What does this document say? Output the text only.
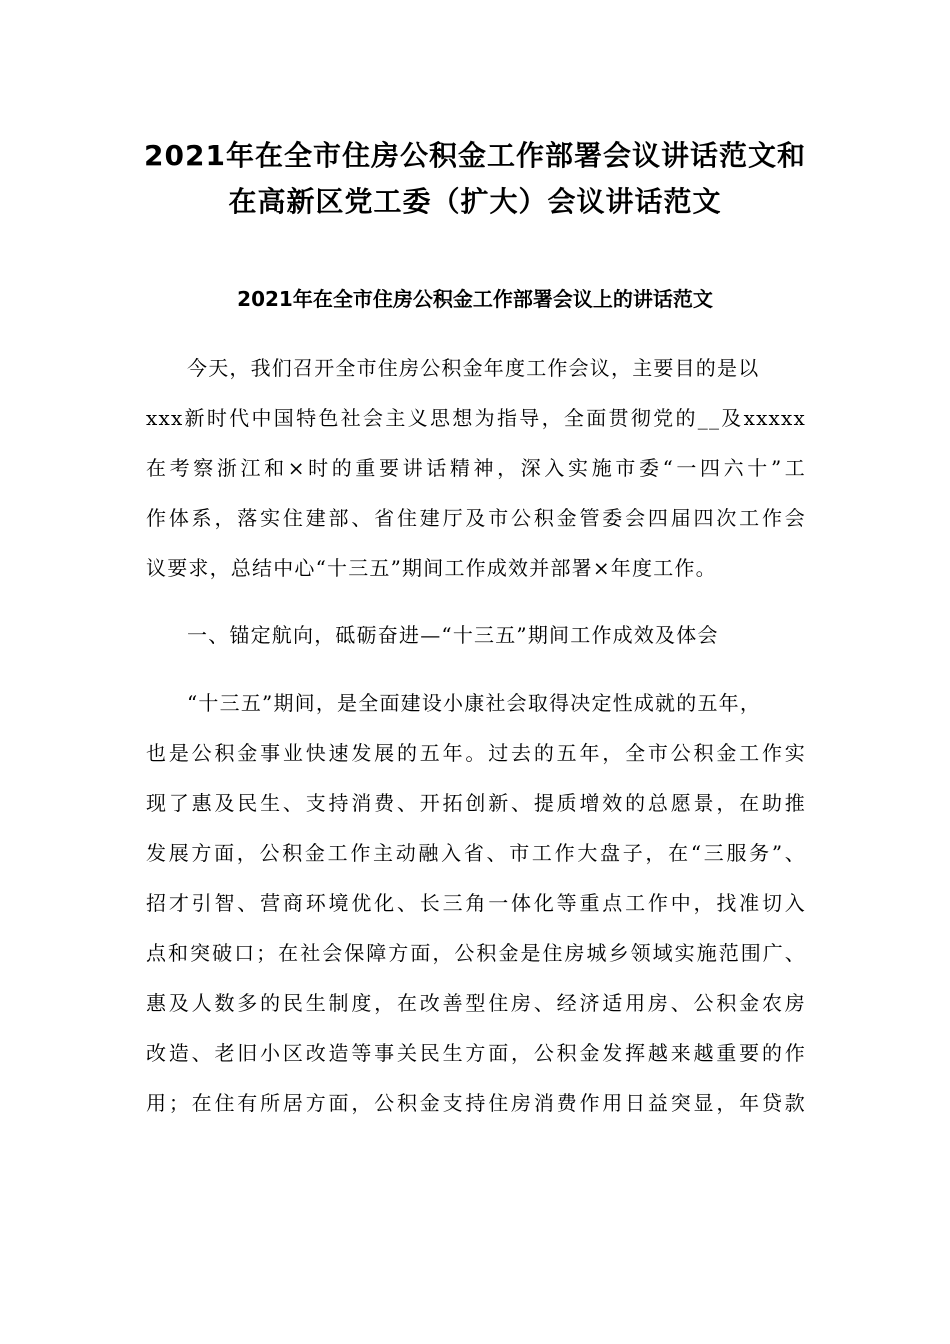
2021年在全市住房公积金工作部署会议讲话范文和
在高新区党工委（扩大）会议讲话范文
2021年在全市住房公积金工作部署会议上的讲话范文

今天，我们召开全市住房公积金年度工作会议，主要目的是以

xxx新时代中国特色社会主义思想为指导，全面贯彻党的__及xxxxx

在考察浙江和×时的重要讲话精神，深入实施市委“一四六十”工

作体系，落实住建部、省住建厅及市公积金管委会四届四次工作会

议要求，总结中心“十三五”期间工作成效并部署×年度工作。

一、锚定航向，砥砺奋进—“十三五”期间工作成效及体会

“十三五”期间，是全面建设小康社会取得决定性成就的五年，

也是公积金事业快速发展的五年。过去的五年，全市公积金工作实

现了惠及民生、支持消费、开拓创新、提质增效的总愿景，在助推

发展方面，公积金工作主动融入省、市工作大盘子，在“三服务”、

招才引智、营商环境优化、长三角一体化等重点工作中，找准切入

点和突破口；在社会保障方面，公积金是住房城乡领域实施范围广、

惠及人数多的民生制度，在改善型住房、经济适用房、公积金农房

改造、老旧小区改造等事关民生方面，公积金发挥越来越重要的作

用；在住有所居方面，公积金支持住房消费作用日益突显，年贷款
